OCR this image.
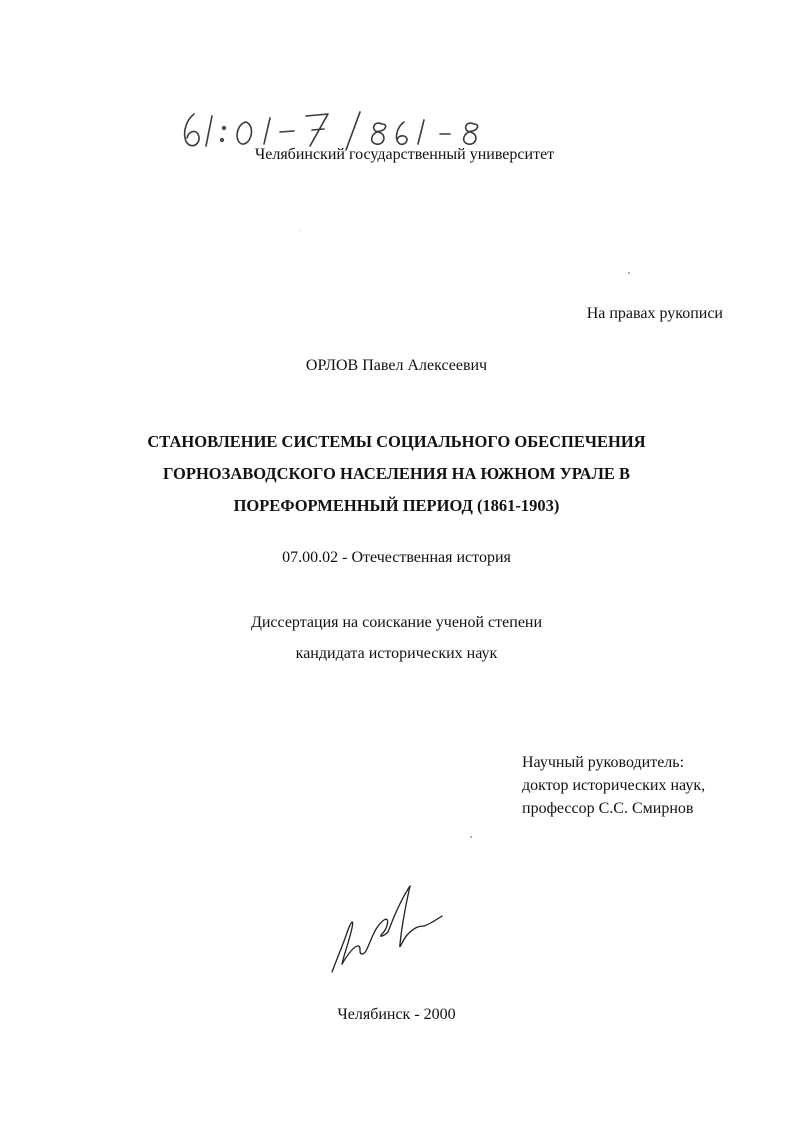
Челябинский государственный университет
На правах рукописи
ОРЛОВ Павел Алексеевич
СТАНОВЛЕНИЕ СИСТЕМЫ СОЦИАЛЬНОГО ОБЕСПЕЧЕНИЯ
ГОРНОЗАВОДСКОГО НАСЕЛЕНИЯ НА ЮЖНОМ УРАЛЕ В
ПОРЕФОРМЕННЫЙ ПЕРИОД (1861-1903)
07.00.02 - Отечественная история
Диссертация на соискание ученой степени
кандидата исторических наук
Научный руководитель:
доктор исторических наук,
профессор С.С. Смирнов
Челябинск - 2000
